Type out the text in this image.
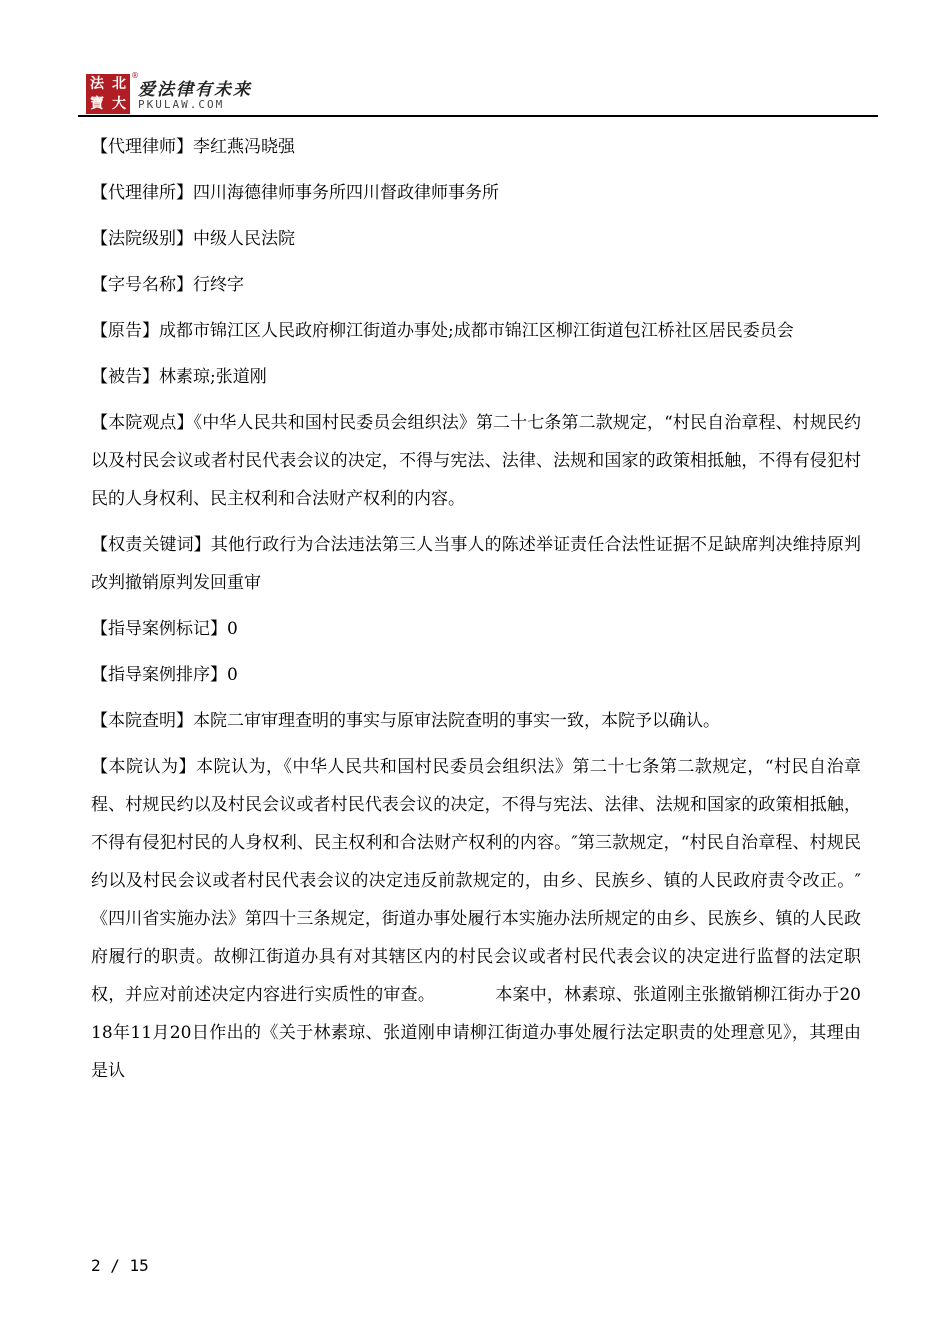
法 北
寶 大
®
爱法律有未来
PKULAW.COM

【代理律师】李红燕冯晓强

【代理律所】四川海德律师事务所四川督政律师事务所

【法院级别】中级人民法院

【字号名称】行终字

【原告】成都市锦江区人民政府柳江街道办事处;成都市锦江区柳江街道包江桥社区居民委员会

【被告】林素琼;张道刚

【本院观点】《中华人民共和国村民委员会组织法》第二十七条第二款规定，“村民自治章程、村规民约以及村民会议或者村民代表会议的决定，不得与宪法、法律、法规和国家的政策相抵触，不得有侵犯村民的人身权利、民主权利和合法财产权利的内容。

【权责关键词】其他行政行为合法违法第三人当事人的陈述举证责任合法性证据不足缺席判决维持原判改判撤销原判发回重审

【指导案例标记】0

【指导案例排序】0

【本院查明】本院二审审理查明的事实与原审法院查明的事实一致，本院予以确认。

【本院认为】本院认为，《中华人民共和国村民委员会组织法》第二十七条第二款规定，“村民自治章程、村规民约以及村民会议或者村民代表会议的决定，不得与宪法、法律、法规和国家的政策相抵触，不得有侵犯村民的人身权利、民主权利和合法财产权利的内容。″第三款规定，“村民自治章程、村规民约以及村民会议或者村民代表会议的决定违反前款规定的，由乡、民族乡、镇的人民政府责令改正。″《四川省实施办法》第四十三条规定，街道办事处履行本实施办法所规定的由乡、民族乡、镇的人民政府履行的职责。故柳江街道办具有对其辖区内的村民会议或者村民代表会议的决定进行监督的法定职权，并应对前述决定内容进行实质性的审查。　　　　本案中，林素琼、张道刚主张撤销柳江街办于2018年11月20日作出的《关于林素琼、张道刚申请柳江街道办事处履行法定职责的处理意见》，其理由是认

2 / 15
